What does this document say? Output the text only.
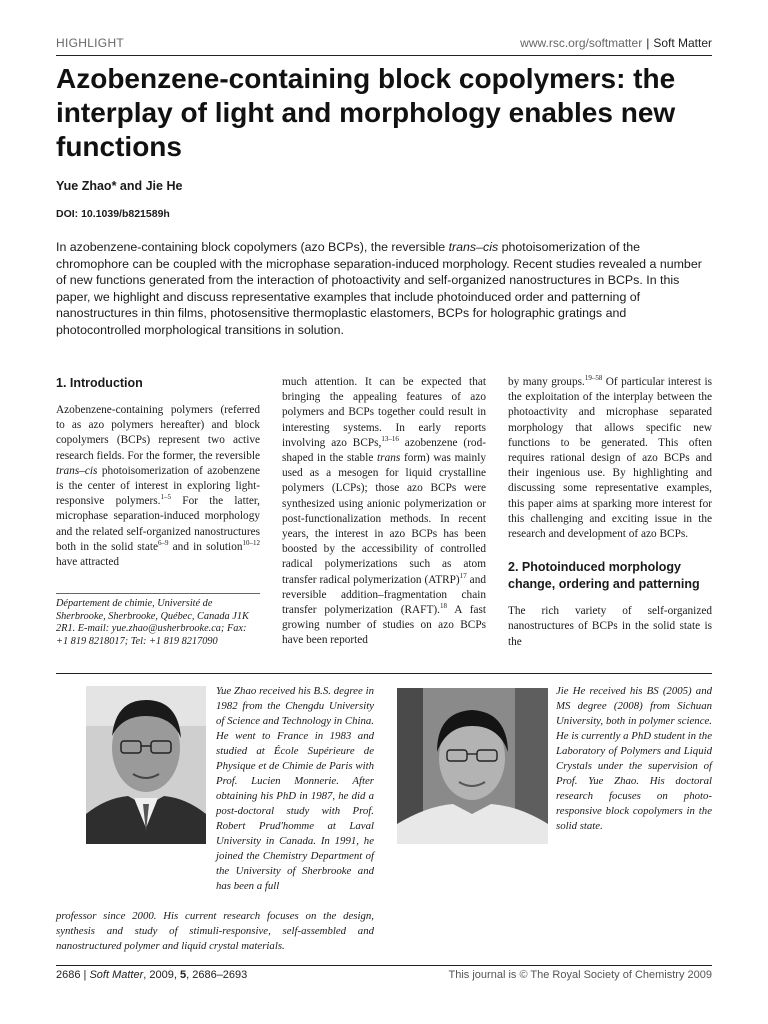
HIGHLIGHT	www.rsc.org/softmatter | Soft Matter
Azobenzene-containing block copolymers: the interplay of light and morphology enables new functions
Yue Zhao* and Jie He
DOI: 10.1039/b821589h
In azobenzene-containing block copolymers (azo BCPs), the reversible trans–cis photoisomerization of the chromophore can be coupled with the microphase separation-induced morphology. Recent studies revealed a number of new functions generated from the interaction of photoactivity and self-organized nanostructures in BCPs. In this paper, we highlight and discuss representative examples that include photoinduced order and patterning of nanostructures in thin films, photosensitive thermoplastic elastomers, BCPs for holographic gratings and photocontrolled morphological transitions in solution.
1. Introduction

Azobenzene-containing polymers (referred to as azo polymers hereafter) and block copolymers (BCPs) represent two active research fields. For the former, the reversible trans–cis photoisomerization of azobenzene is the center of interest in exploring light-responsive polymers.$^{1-5}$ For the latter, microphase separation-induced morphology and the related self-organized nanostructures both in the solid state$^{6-9}$ and in solution$^{10-12}$ have attracted

Département de chimie, Université de Sherbrooke, Sherbrooke, Québec, Canada J1K 2R1. E-mail: yue.zhao@usherbrooke.ca; Fax: +1 819 8218017; Tel: +1 819 8217090

much attention. It can be expected that bringing the appealing features of azo polymers and BCPs together could result in interesting systems. In early reports involving azo BCPs,$^{13-16}$ azobenzene (rod-shaped in the stable trans form) was mainly used as a mesogen for liquid crystalline polymers (LCPs); those azo BCPs were synthesized using anionic polymerization or post-functionalization methods. In recent years, the interest in azo BCPs has been boosted by the accessibility of controlled radical polymerizations such as atom transfer radical polymerization (ATRP)$^{17}$ and reversible addition–fragmentation chain transfer polymerization (RAFT).$^{18}$ A fast growing number of studies on azo BCPs have been reported

by many groups.$^{19-58}$ Of particular interest is the exploitation of the interplay between the photoactivity and microphase separated morphology that allows specific new functions to be generated. This often requires rational design of azo BCPs and their ingenious use. By highlighting and discussing some representative examples, this paper aims at sparking more interest for this challenging and exciting issue in the research and development of azo BCPs.

2. Photoinduced morphology change, ordering and patterning

The rich variety of self-organized nanostructures of BCPs in the solid state is the

Yue Zhao received his B.S. degree in 1982 from the Chengdu University of Science and Technology in China. He went to France in 1983 and studied at École Supérieure de Physique et de Chimie de Paris with Prof. Lucien Monnerie. After obtaining his PhD in 1987, he did a post-doctoral study with Prof. Robert Prud'homme at Laval University in Canada. In 1991, he joined the Chemistry Department of the University of Sherbrooke and has been a full

professor since 2000. His current research focuses on the design, synthesis and study of stimuli-responsive, self-assembled and nanostructured polymer and liquid crystal materials.

Jie He received his BS (2005) and MS degree (2008) from Sichuan University, both in polymer science. He is currently a PhD student in the Laboratory of Polymers and Liquid Crystals under the supervision of Prof. Yue Zhao. His doctoral research focuses on photo-responsive block copolymers in the solid state.

2686 | Soft Matter, 2009, 5, 2686–2693	This journal is © The Royal Society of Chemistry 2009
